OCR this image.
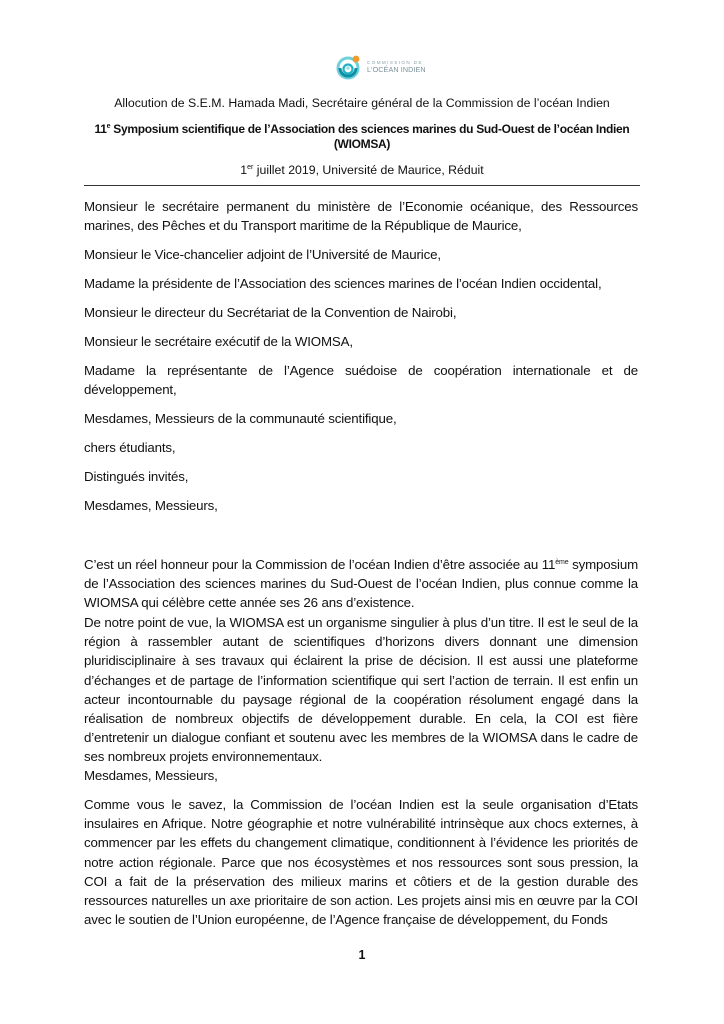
COMMISSION DE
L'OCÉAN INDIEN
Allocution de S.E.M. Hamada Madi, Secrétaire général de la Commission de l’océan Indien
11e Symposium scientifique de l’Association des sciences marines du Sud-Ouest de l’océan Indien
(WIOMSA)
1er juillet 2019, Université de Maurice, Réduit

Monsieur le secrétaire permanent du ministère de l’Economie océanique, des Ressources marines, des Pêches et du Transport maritime de la République de Maurice,

Monsieur le Vice-chancelier adjoint de l’Université de Maurice,

Madame la présidente de l’Association des sciences marines de l’océan Indien occidental,

Monsieur le directeur du Secrétariat de la Convention de Nairobi,

Monsieur le secrétaire exécutif de la WIOMSA,

Madame la représentante de l’Agence suédoise de coopération internationale et de développement,

Mesdames, Messieurs de la communauté scientifique,

chers étudiants,

Distingués invités,

Mesdames, Messieurs,

C’est un réel honneur pour la Commission de l’océan Indien d’être associée au 11ème symposium de l’Association des sciences marines du Sud-Ouest de l’océan Indien, plus connue comme la WIOMSA qui célèbre cette année ses 26 ans d’existence.

De notre point de vue, la WIOMSA est un organisme singulier à plus d’un titre. Il est le seul de la région à rassembler autant de scientifiques d’horizons divers donnant une dimension pluridisciplinaire à ses travaux qui éclairent la prise de décision. Il est aussi une plateforme d’échanges et de partage de l’information scientifique qui sert l’action de terrain. Il est enfin un acteur incontournable du paysage régional de la coopération résolument engagé dans la réalisation de nombreux objectifs de développement durable. En cela, la COI est fière d’entretenir un dialogue confiant et soutenu avec les membres de la WIOMSA dans le cadre de ses nombreux projets environnementaux.

Mesdames, Messieurs,

Comme vous le savez, la Commission de l’océan Indien est la seule organisation d’Etats insulaires en Afrique. Notre géographie et notre vulnérabilité intrinsèque aux chocs externes, à commencer par les effets du changement climatique, conditionnent à l’évidence les priorités de notre action régionale. Parce que nos écosystèmes et nos ressources sont sous pression, la COI a fait de la préservation des milieux marins et côtiers et de la gestion durable des ressources naturelles un axe prioritaire de son action. Les projets ainsi mis en œuvre par la COI avec le soutien de l’Union européenne, de l’Agence française de développement, du Fonds

1
